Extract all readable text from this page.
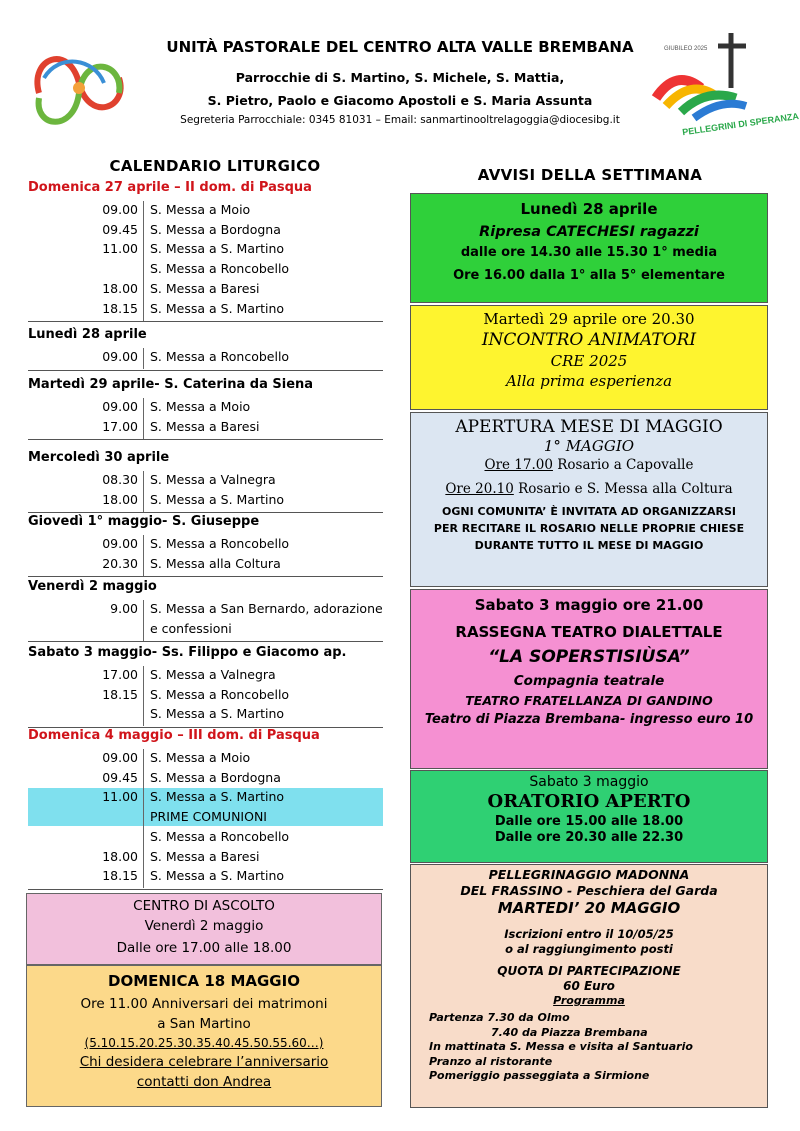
PELLEGRINI DI SPERANZA
GIUBILEO 2025
UNITÀ PASTORALE DEL CENTRO ALTA VALLE BREMBANA
Parrocchie di S. Martino, S. Michele, S. Mattia,
S. Pietro, Paolo e Giacomo Apostoli e S. Maria Assunta
Segreteria Parrocchiale: 0345 81031 – Email: sanmartinooltrelagoggia@diocesibg.it
CALENDARIO LITURGICO
Domenica 27 aprile – II dom. di Pasqua
09.00 S. Messa a Moio
09.45 S. Messa a Bordogna
11.00 S. Messa a S. Martino
S. Messa a Roncobello
18.00 S. Messa a Baresi
18.15 S. Messa a S. Martino
Lunedì 28 aprile
09.00 S. Messa a Roncobello
Martedì 29 aprile- S. Caterina da Siena
09.00 S. Messa a Moio
17.00 S. Messa a Baresi
Mercoledì 30 aprile
08.30 S. Messa a Valnegra
18.00 S. Messa a S. Martino
Giovedì 1° maggio- S. Giuseppe
09.00 S. Messa a Roncobello
20.30 S. Messa alla Coltura
Venerdì 2 maggio
9.00 S. Messa a San Bernardo, adorazione
e confessioni
Sabato 3 maggio- Ss. Filippo e Giacomo ap.
17.00 S. Messa a Valnegra
18.15 S. Messa a Roncobello
S. Messa a S. Martino
Domenica 4 maggio – III dom. di Pasqua
09.00 S. Messa a Moio
09.45 S. Messa a Bordogna
11.00 S. Messa a S. Martino
PRIME COMUNIONI
S. Messa a Roncobello
18.00 S. Messa a Baresi
18.15 S. Messa a S. Martino
CENTRO DI ASCOLTO
Venerdì 2 maggio
Dalle ore 17.00 alle 18.00
DOMENICA 18 MAGGIO
Ore 11.00 Anniversari dei matrimoni
a San Martino
(5.10.15.20.25.30.35.40.45.50.55.60…)
Chi desidera celebrare l’anniversario
contatti don Andrea
AVVISI DELLA SETTIMANA
Lunedì 28 aprile
Ripresa CATECHESI ragazzi
dalle ore 14.30 alle 15.30 1° media
Ore 16.00 dalla 1° alla 5° elementare
Martedì 29 aprile ore 20.30
INCONTRO ANIMATORI
CRE 2025
Alla prima esperienza
APERTURA MESE DI MAGGIO
1° MAGGIO
Ore 17.00 Rosario a Capovalle
Ore 20.10 Rosario e S. Messa alla Coltura
OGNI COMUNITA’ È INVITATA AD ORGANIZZARSI
PER RECITARE IL ROSARIO NELLE PROPRIE CHIESE
DURANTE TUTTO IL MESE DI MAGGIO
Sabato 3 maggio ore 21.00
RASSEGNA TEATRO DIALETTALE
“LA SOPERSTISIÙSA”
Compagnia teatrale
TEATRO FRATELLANZA DI GANDINO
Teatro di Piazza Brembana- ingresso euro 10
Sabato 3 maggio
ORATORIO APERTO
Dalle ore 15.00 alle 18.00
Dalle ore 20.30 alle 22.30
PELLEGRINAGGIO MADONNA
DEL FRASSINO - Peschiera del Garda
MARTEDI’ 20 MAGGIO
Iscrizioni entro il 10/05/25
o al raggiungimento posti
QUOTA DI PARTECIPAZIONE
60 Euro
Programma
Partenza 7.30 da Olmo
7.40 da Piazza Brembana
In mattinata S. Messa e visita al Santuario
Pranzo al ristorante
Pomeriggio passeggiata a Sirmione
